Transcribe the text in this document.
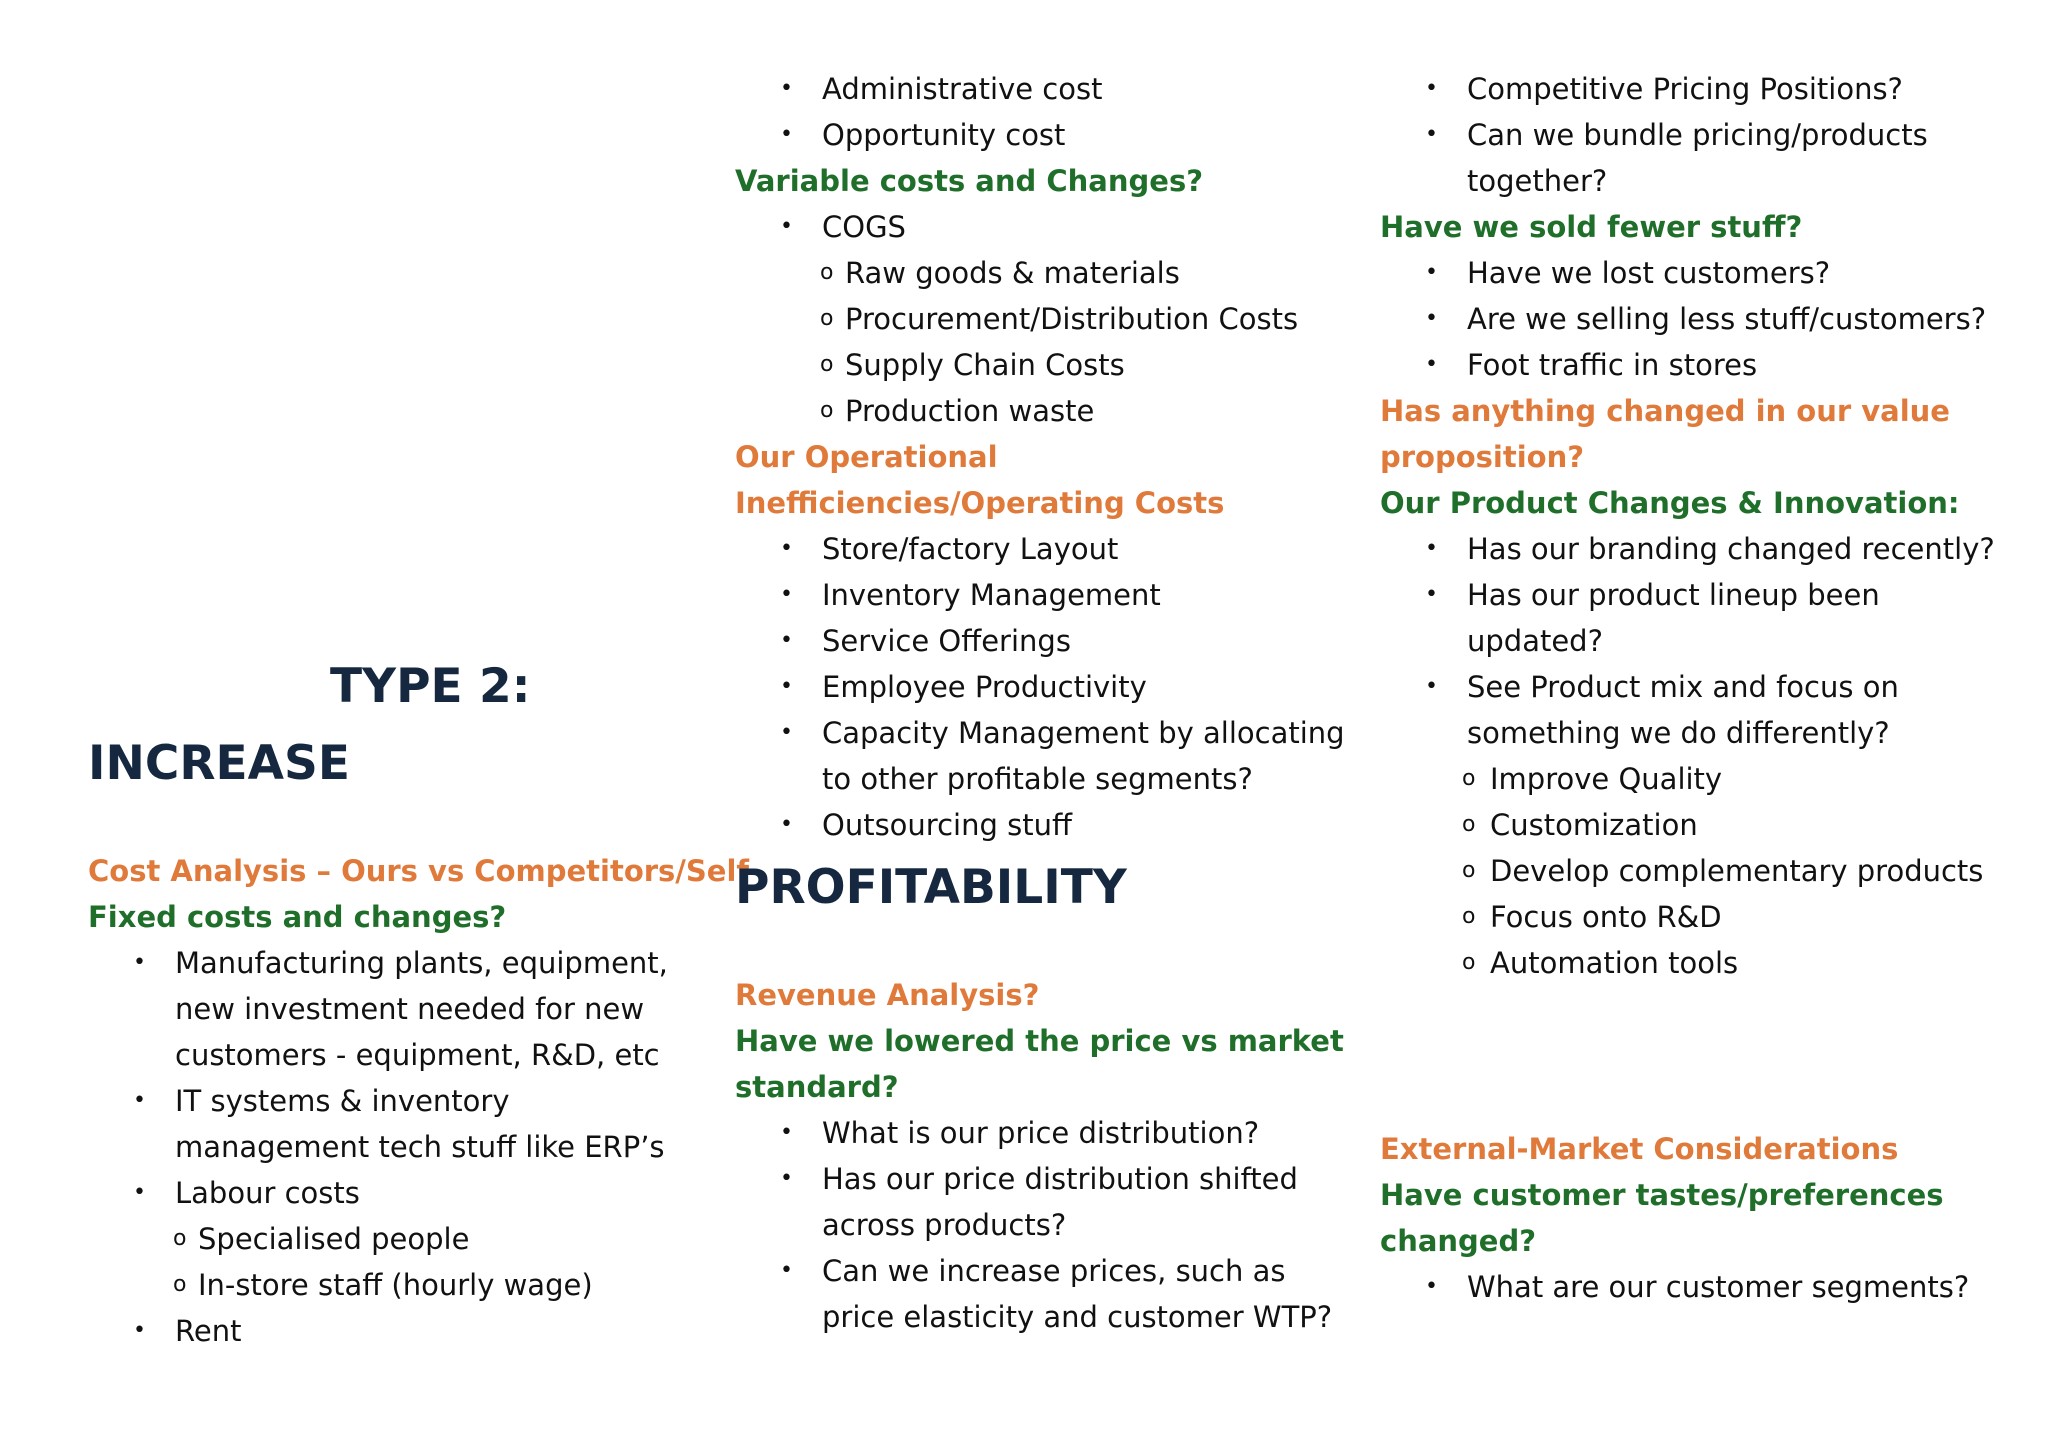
TYPE 2:
INCREASE
Cost Analysis – Ours vs Competitors/Self
Fixed costs and changes?
• Manufacturing plants, equipment,
new investment needed for new
customers - equipment, R&D, etc
• IT systems & inventory
management tech stuff like ERP’s
• Labour costs
o Specialised people
o In-store staff (hourly wage)
• Rent
• Administrative cost
• Opportunity cost
Variable costs and Changes?
• COGS
o Raw goods & materials
o Procurement/Distribution Costs
o Supply Chain Costs
o Production waste
Our Operational
Inefficiencies/Operating Costs
• Store/factory Layout
• Inventory Management
• Service Offerings
• Employee Productivity
• Capacity Management by allocating
to other profitable segments?
• Outsourcing stuff
PROFITABILITY
Revenue Analysis?
Have we lowered the price vs market
standard?
• What is our price distribution?
• Has our price distribution shifted
across products?
• Can we increase prices, such as
price elasticity and customer WTP?
• Competitive Pricing Positions?
• Can we bundle pricing/products
together?
Have we sold fewer stuff?
• Have we lost customers?
• Are we selling less stuff/customers?
• Foot traffic in stores
Has anything changed in our value
proposition?
Our Product Changes & Innovation:
• Has our branding changed recently?
• Has our product lineup been
updated?
• See Product mix and focus on
something we do differently?
o Improve Quality
o Customization
o Develop complementary products
o Focus onto R&D
o Automation tools
External-Market Considerations
Have customer tastes/preferences
changed?
• What are our customer segments?
